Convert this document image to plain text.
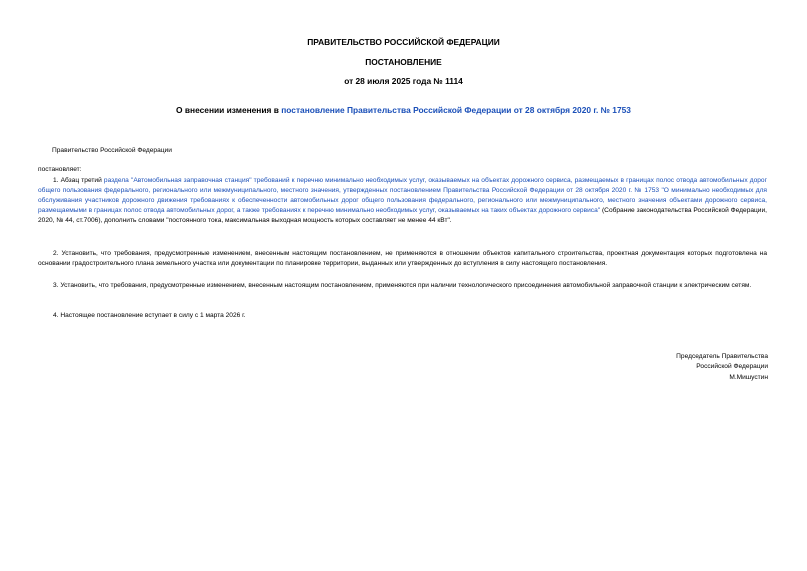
ПРАВИТЕЛЬСТВО РОССИЙСКОЙ ФЕДЕРАЦИИ
ПОСТАНОВЛЕНИЕ
от 28 июля 2025 года № 1114
О внесении изменения в постановление Правительства Российской Федерации от 28 октября 2020 г. № 1753
Правительство Российской Федерации
постановляет:
1. Абзац третий раздела "Автомобильная заправочная станция" требований к перечню минимально необходимых услуг, оказываемых на объектах дорожного сервиса, размещаемых в границах полос отвода автомобильных дорог общего пользования федерального, регионального или межмуниципального, местного значения, утвержденных постановлением Правительства Российской Федерации от 28 октября 2020 г. № 1753 "О минимально необходимых для обслуживания участников дорожного движения требованиях к обеспеченности автомобильных дорог общего пользования федерального, регионального или межмуниципального, местного значения объектами дорожного сервиса, размещаемыми в границах полос отвода автомобильных дорог, а также требованиях к перечню минимально необходимых услуг, оказываемых на таких объектах дорожного сервиса" (Собрание законодательства Российской Федерации, 2020, № 44, ст.7006), дополнить словами "постоянного тока, максимальная выходная мощность которых составляет не менее 44 кВт".
2. Установить, что требования, предусмотренные изменением, внесенным настоящим постановлением, не применяются в отношении объектов капитального строительства, проектная документация которых подготовлена на основании градостроительного плана земельного участка или документации по планировке территории, выданных или утвержденных до вступления в силу настоящего постановления.
3. Установить, что требования, предусмотренные изменением, внесенным настоящим постановлением, применяются при наличии технологического присоединения автомобильной заправочной станции к электрическим сетям.
4. Настоящее постановление вступает в силу с 1 марта 2026 г.
Председатель Правительства
Российской Федерации
М.Мишустин
